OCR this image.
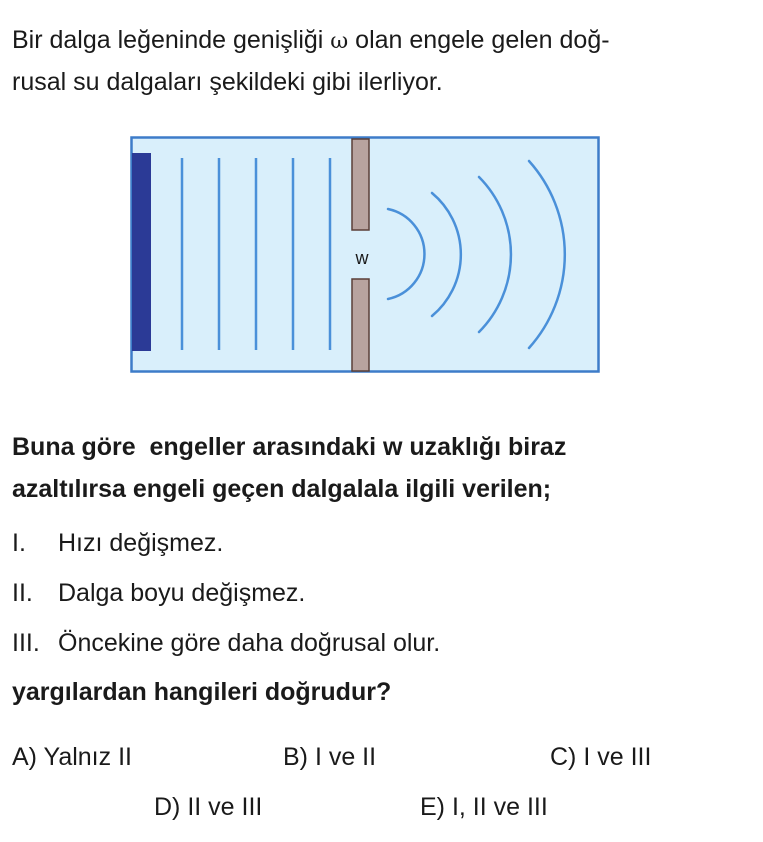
Bir dalga leğeninde genişliği ω olan engele gelen doğ-
rusal su dalgaları şekildeki gibi ilerliyor.
w
Buna göre  engeller arasındaki w uzaklığı biraz
azaltılırsa engeli geçen dalgalala ilgili verilen;
I. Hızı değişmez.
II. Dalga boyu değişmez.
III. Öncekine göre daha doğrusal olur.
yargılardan hangileri doğrudur?
A) Yalnız II	B) I ve II	C) I ve III
D) II ve III	E) I, II ve III
